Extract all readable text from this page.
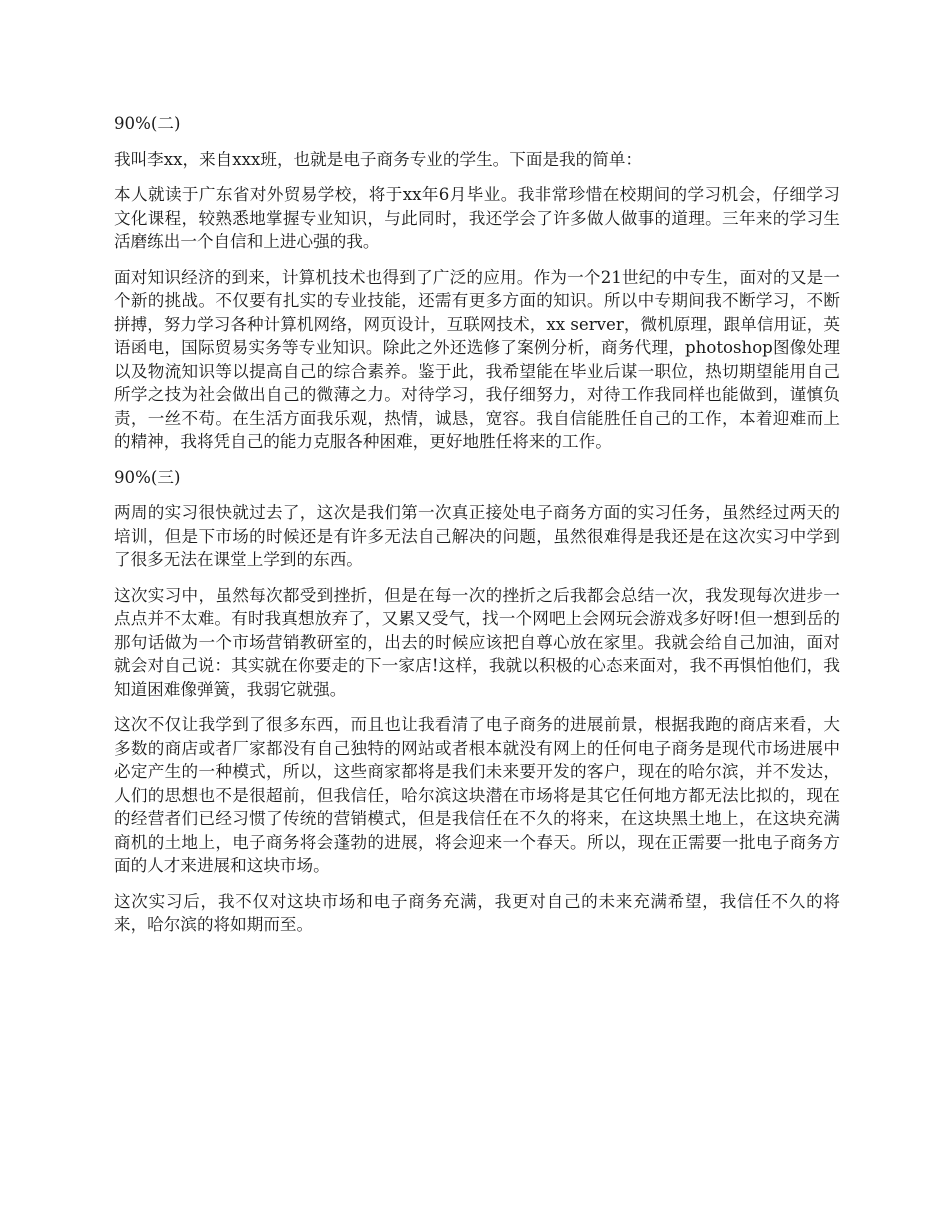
90%(二)

我叫李xx，来自xxx班，也就是电子商务专业的学生。下面是我的简单：

本人就读于广东省对外贸易学校，将于xx年6月毕业。我非常珍惜在校期间的学习机会，仔细学习文化课程，较熟悉地掌握专业知识，与此同时，我还学会了许多做人做事的道理。三年来的学习生活磨练出一个自信和上进心强的我。

面对知识经济的到来，计算机技术也得到了广泛的应用。作为一个21世纪的中专生，面对的又是一个新的挑战。不仅要有扎实的专业技能，还需有更多方面的知识。所以中专期间我不断学习，不断拼搏，努力学习各种计算机网络，网页设计，互联网技术，xx server，微机原理，跟单信用证，英语函电，国际贸易实务等专业知识。除此之外还选修了案例分析，商务代理，photoshop图像处理以及物流知识等以提高自己的综合素养。鉴于此，我希望能在毕业后谋一职位，热切期望能用自己所学之技为社会做出自己的微薄之力。对待学习，我仔细努力，对待工作我同样也能做到，谨慎负责，一丝不苟。在生活方面我乐观，热情，诚恳，宽容。我自信能胜任自己的工作，本着迎难而上的精神，我将凭自己的能力克服各种困难，更好地胜任将来的工作。

90%(三)

两周的实习很快就过去了，这次是我们第一次真正接处电子商务方面的实习任务，虽然经过两天的培训，但是下市场的时候还是有许多无法自己解决的问题，虽然很难得是我还是在这次实习中学到了很多无法在课堂上学到的东西。

这次实习中，虽然每次都受到挫折，但是在每一次的挫折之后我都会总结一次，我发现每次进步一点点并不太难。有时我真想放弃了，又累又受气，找一个网吧上会网玩会游戏多好呀!但一想到岳的那句话做为一个市场营销教研室的，出去的时候应该把自尊心放在家里。我就会给自己加油，面对就会对自己说：其实就在你要走的下一家店!这样，我就以积极的心态来面对，我不再惧怕他们，我知道困难像弹簧，我弱它就强。

这次不仅让我学到了很多东西，而且也让我看清了电子商务的进展前景，根据我跑的商店来看，大多数的商店或者厂家都没有自己独特的网站或者根本就没有网上的任何电子商务是现代市场进展中必定产生的一种模式，所以，这些商家都将是我们未来要开发的客户，现在的哈尔滨，并不发达，人们的思想也不是很超前，但我信任，哈尔滨这块潜在市场将是其它任何地方都无法比拟的，现在的经营者们已经习惯了传统的营销模式，但是我信任在不久的将来，在这块黑土地上，在这块充满商机的土地上，电子商务将会蓬勃的进展，将会迎来一个春天。所以，现在正需要一批电子商务方面的人才来进展和这块市场。

这次实习后，我不仅对这块市场和电子商务充满，我更对自己的未来充满希望，我信任不久的将来，哈尔滨的将如期而至。
